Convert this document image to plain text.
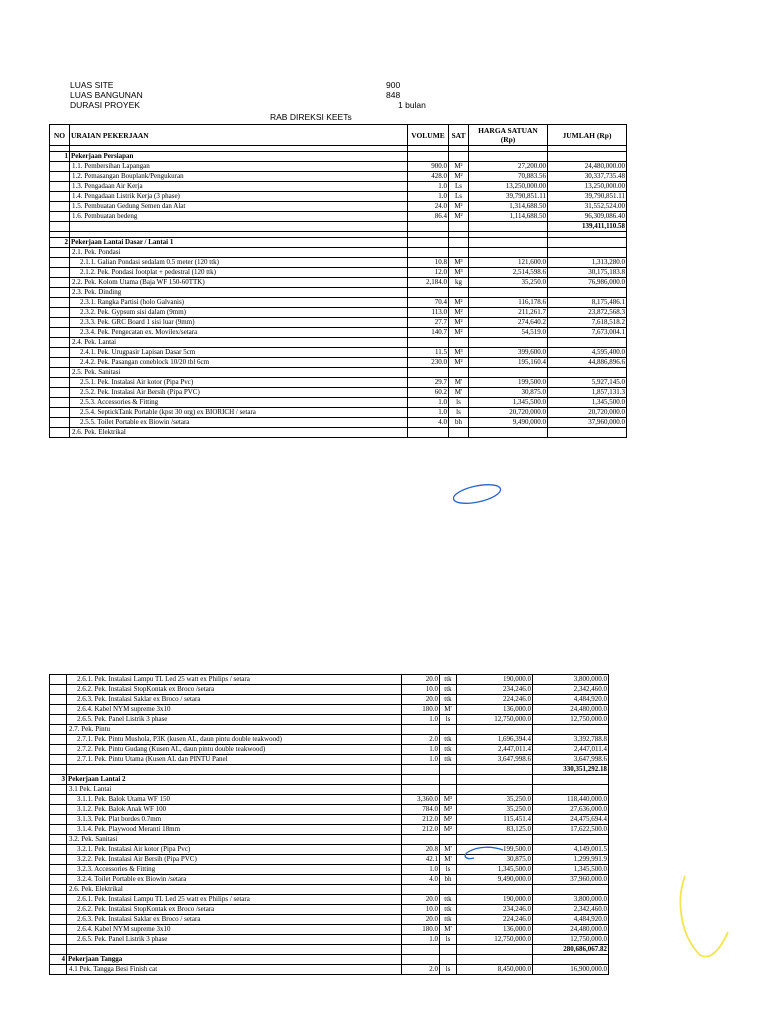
LUAS SITE	900
LUAS BANGUNAN	848
DURASI PROYEK	1 bulan
RAB DIREKSI KEETs
NO	URAIAN PEKERJAAN	VOLUME	SAT	HARGA SATUAN (Rp)	JUMLAH (Rp)

1	Pekerjaan Persiapan				
	1.1. Pembersihan Lapangan	900.0	M²	27,200.00	24,480,000.00
	1.2. Pemasangan Bouplank/Pengukuran	428.0	M²	70,883.56	30,337,735.48
	1.3. Pengadaan Air Kerja	1.0	Ls	13,250,000.00	13,250,000.00
	1.4. Pengadaan Listrik Kerja (3 phase)	1.0	Ls	39,790,851.11	39,790,851.11
	1.5. Pembuatan Gedung Semen dan Alat	24.0	M²	1,314,688.50	31,552,524.00
	1.6. Pembuatan bedeng	86.4	M²	1,114,688.50	96,309,086.40
					139,411,110.58

2	Pekerjaan Lantai Dasar / Lantai 1				
	2.1. Pek. Pondasi				
	2.1.1. Galian Pondasi sedalam 0.5 meter (120 ttk)	10.8	M³	121,600.0	1,313,280.0
	2.1.2. Pek. Pondasi footplat + pedestral (120 ttk)	12.0	M³	2,514,598.6	30,175,183.8
	2.2. Pek. Kolom Utama (Baja WF 150-60TTK)	2,184.0	kg	35,250.0	76,986,000.0
	2.3. Pek. Dinding				
	2.3.1. Rangka Partisi (holo Galvanis)	70.4	M²	116,178.6	8,175,486.1
	2.3.2. Pek. Gypsum sisi dalam (9mm)	113.0	M²	211,261.7	23,872,568.3
	2.3.3. Pek. GRC Board 1 sisi luar (9mm)	27.7	M²	274,640.2	7,618,518.2
	2.3.4. Pek. Pengecatan ex. Movilex/setara	140.7	M²	54,519.0	7,673,004.1
	2.4. Pek. Lantai				
	2.4.1. Pek. Urugpasir Lapisan Dasar 5cm	11.5	M³	399,600.0	4,595,400.0
	2.4.2. Pek. Pasangan coneblock 10/20 tbl 6cm	230.0	M²	195,160.4	44,886,896.6
	2.5. Pek. Sanitasi				
	2.5.1. Pek. Instalasi Air kotor (Pipa Pvc)	29.7	M'	199,500.0	5,927,145.0
	2.5.2. Pek. Instalasi Air Bersih (Pipa PVC)	60.2	M'	30,875.0	1,857,131.3
	2.5.3. Accessories & Fitting	1.0	ls	1,345,500.0	1,345,500.0
	2.5.4. SeptickTank Portable (kpst 30 org) ex BIORICH / setara	1.0	ls	20,720,000.0	20,720,000.0
	2.5.5. Toilet Portable ex Biowin /setara	4.0	bh	9,490,000.0	37,960,000.0
	2.6. Pek. Elektrikal				
	2.6.1. Pek. Instalasi Lampu TL Led 25 watt ex Philips / setara	20.0	ttk	190,000.0	3,800,000.0
	2.6.2. Pek. Instalasi StopKontak ex Broco /setara	10.0	ttk	234,246.0	2,342,460.0
	2.6.3. Pek. Instalasi Saklar ex Broco / setara	20.0	ttk	224,246.0	4,484,920.0
	2.6.4. Kabel NYM supreme 3x10	180.0	M'	136,000.0	24,480,000.0
	2.6.5. Pek. Panel Listrik 3 phase	1.0	ls	12,750,000.0	12,750,000.0
	2.7. Pek. Pintu				
	2.7.1. Pek. Pintu Mushola, P3K (kusen AL, daun pintu double teakwood)	2.0	ttk	1,696,394.4	3,392,788.8
	2.7.2. Pek. Pintu Gudang (Kusen AL, daun pintu double teakwood)	1.0	ttk	2,447,011.4	2,447,011.4
	2.7.1. Pek. Pintu Utama (Kusen AL dan PINTU Panel	1.0	ttk	3,647,998.6	3,647,998.6
					330,351,292.18
3	Pekerjaan Lantai 2				
	3.1 Pek. Lantai				
	3.1.1. Pek. Balok Utama WF 150	3,360.0	M³	35,250.0	118,440,000.0
	3.1.2. Pek. Balok Anak WF 100	784.0	M³	35,250.0	27,636,000.0
	3.1.3. Pek. Plat bordes 0.7mm	212.0	M²	115,451.4	24,475,694.4
	3.1.4. Pek. Playwood Meranti 18mm	212.0	M²	83,125.0	17,622,500.0
	3.2. Pek. Sanitasi				
	3.2.1. Pek. Instalasi Air kotor (Pipa Pvc)	20.8	M'	199,500.0	4,149,001.5
	3.2.2. Pek. Instalasi Air Bersih (Pipa PVC)	42.1	M'	30,875.0	1,299,991.9
	3.2.3. Accessories & Fitting	1.0	ls	1,345,500.0	1,345,500.0
	3.2.4. Toilet Portable ex Biowin /setara	4.0	bh	9,490,000.0	37,960,000.0
	2.6. Pek. Elektrikal				
	2.6.1. Pek. Instalasi Lampu TL Led 25 watt ex Philips / setara	20.0	ttk	190,000.0	3,800,000.0
	2.6.2. Pek. Instalasi StopKontak ex Broco /setara	10.0	ttk	234,246.0	2,342,460.0
	2.6.3. Pek. Instalasi Saklar ex Broco / setara	20.0	ttk	224,246.0	4,484,920.0
	2.6.4. Kabel NYM supreme 3x10	180.0	M'	136,000.0	24,480,000.0
	2.6.5. Pek. Panel Listrik 3 phase	1.0	ls	12,750,000.0	12,750,000.0
					280,686,067.82
4	Pekerjaan Tangga				
	4.1 Pek. Tangga Besi Finish cat	2.0	ls	8,450,000.0	16,900,000.0
